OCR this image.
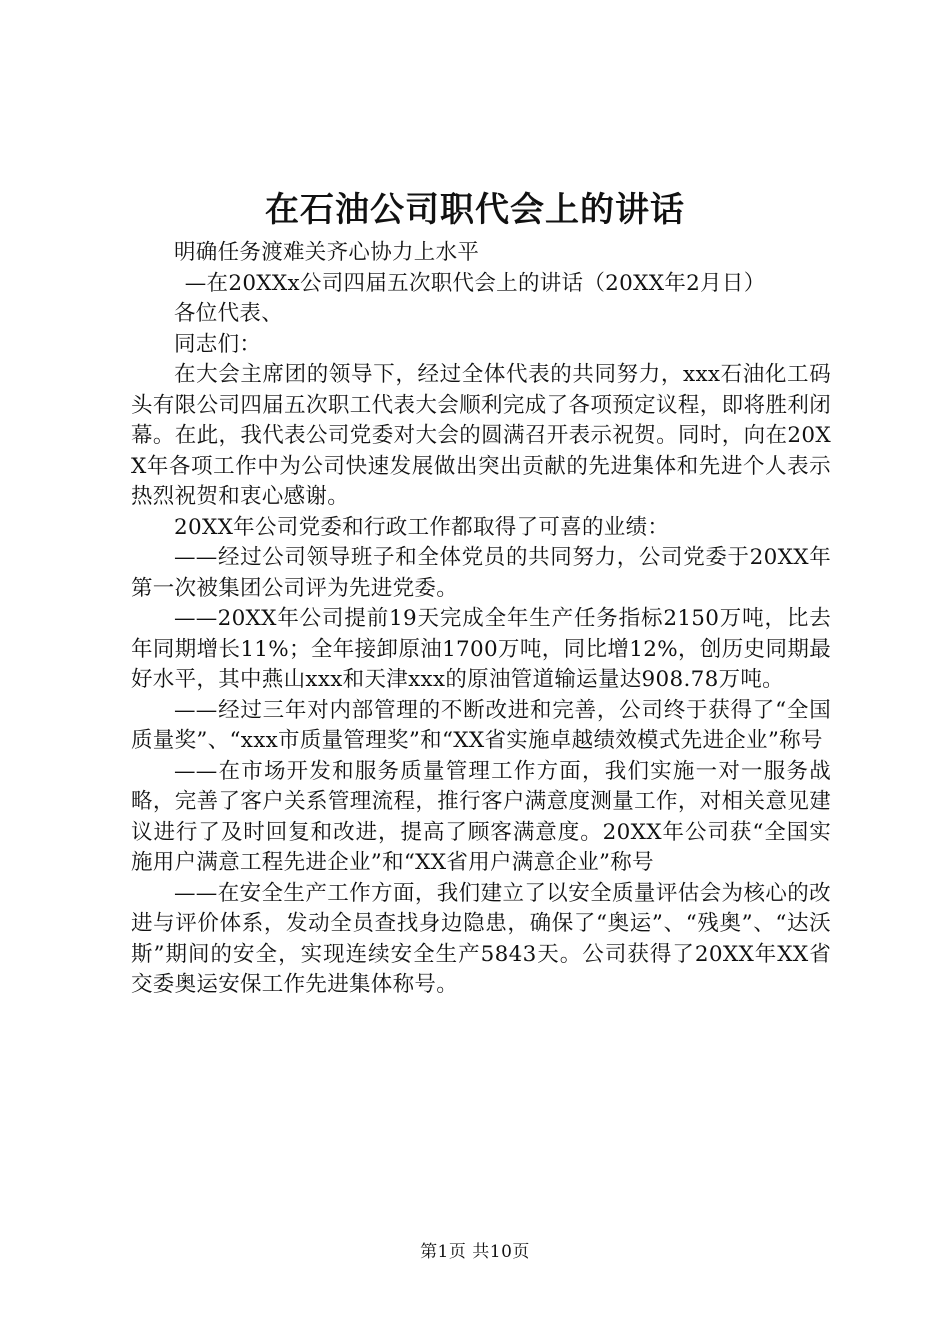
在石油公司职代会上的讲话

明确任务渡难关齐心协力上水平

—在20XXx公司四届五次职代会上的讲话（20XX年2月日）

各位代表、

同志们：

在大会主席团的领导下，经过全体代表的共同努力，xxx石油化工码头有限公司四届五次职工代表大会顺利完成了各项预定议程，即将胜利闭幕。在此，我代表公司党委对大会的圆满召开表示祝贺。同时，向在20XX年各项工作中为公司快速发展做出突出贡献的先进集体和先进个人表示热烈祝贺和衷心感谢。

20XX年公司党委和行政工作都取得了可喜的业绩：

——经过公司领导班子和全体党员的共同努力，公司党委于20XX年第一次被集团公司评为先进党委。

——20XX年公司提前19天完成全年生产任务指标2150万吨，比去年同期增长11%；全年接卸原油1700万吨，同比增12%，创历史同期最好水平，其中燕山xxx和天津xxx的原油管道输运量达908.78万吨。

——经过三年对内部管理的不断改进和完善，公司终于获得了“全国质量奖”、“xxx市质量管理奖”和“XX省实施卓越绩效模式先进企业”称号

——在市场开发和服务质量管理工作方面，我们实施一对一服务战略，完善了客户关系管理流程，推行客户满意度测量工作，对相关意见建议进行了及时回复和改进，提高了顾客满意度。20XX年公司获“全国实施用户满意工程先进企业”和“XX省用户满意企业”称号

——在安全生产工作方面，我们建立了以安全质量评估会为核心的改进与评价体系，发动全员查找身边隐患，确保了“奥运”、“残奥”、“达沃斯”期间的安全，实现连续安全生产5843天。公司获得了20XX年XX省交委奥运安保工作先进集体称号。

第1页 共10页
